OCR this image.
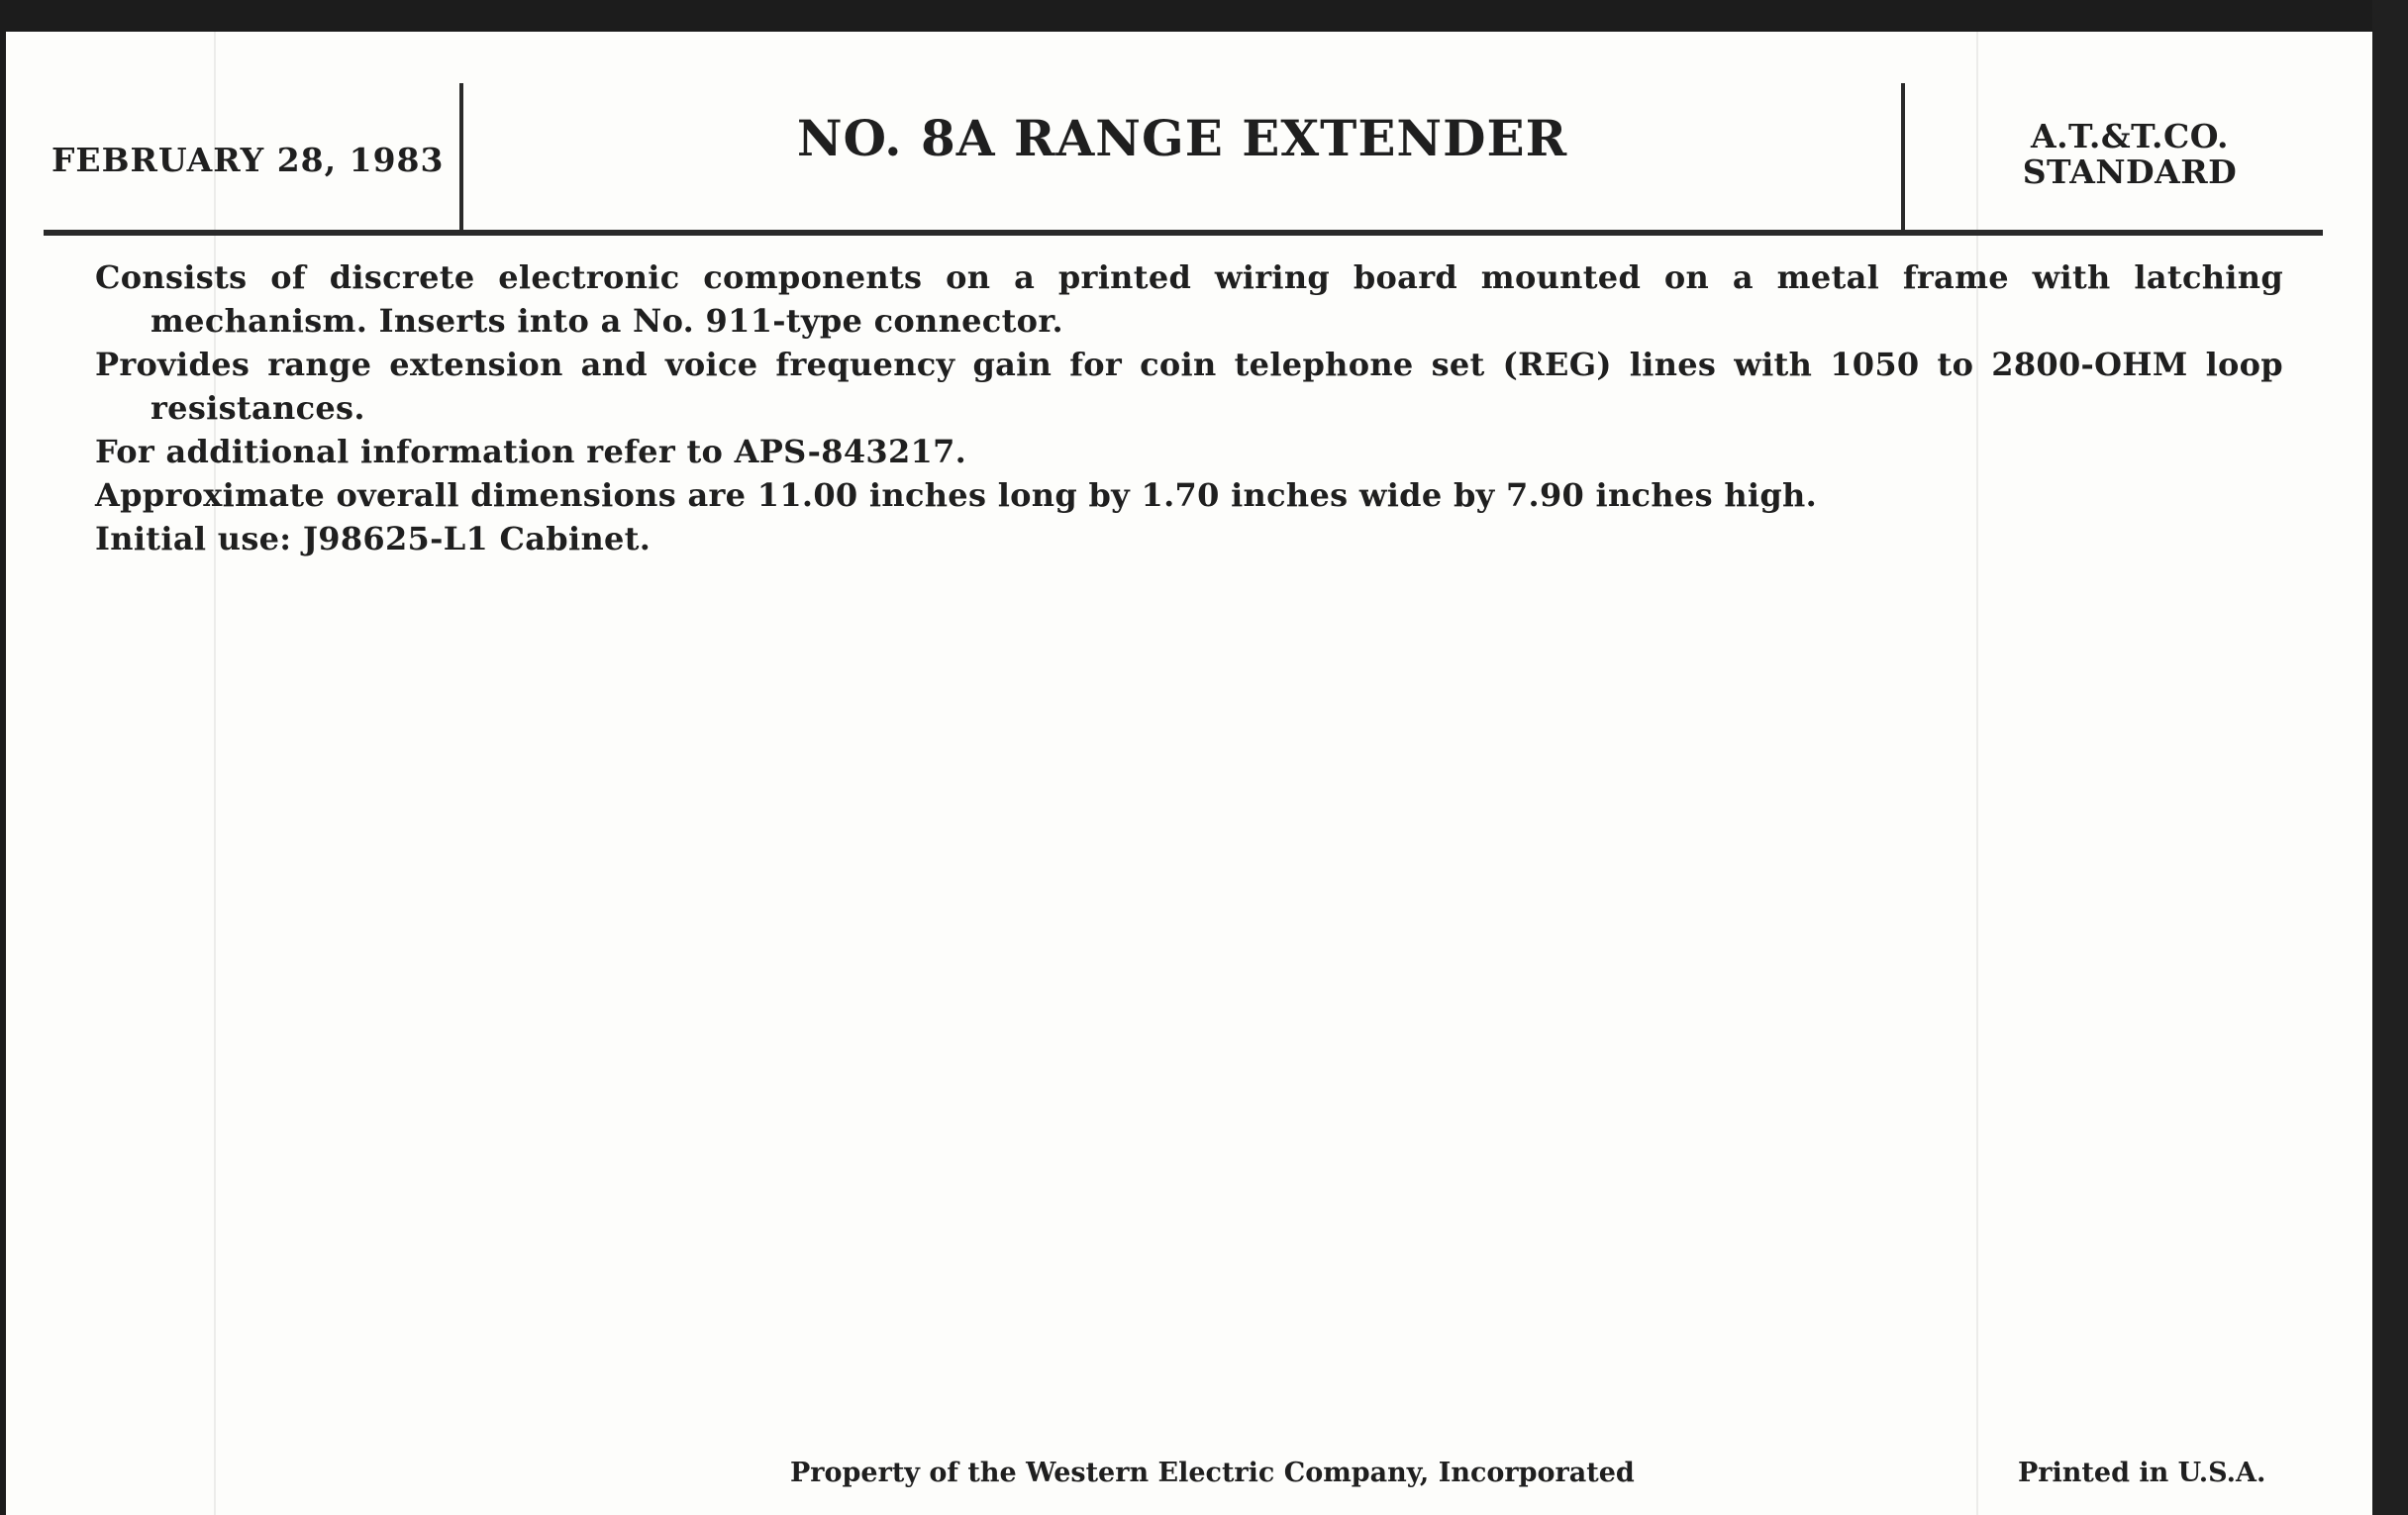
FEBRUARY 28, 1983	NO. 8A RANGE EXTENDER	A.T.&T.CO.
STANDARD

Consists of discrete electronic components on a printed wiring board mounted on a metal frame with latching mechanism. Inserts into a No. 911-type connector.

Provides range extension and voice frequency gain for coin telephone set (REG) lines with 1050 to 2800-OHM loop resistances.

For additional information refer to APS-843217.

Approximate overall dimensions are 11.00 inches long by 1.70 inches wide by 7.90 inches high.

Initial use: J98625-L1 Cabinet.

Property of the Western Electric Company, Incorporated	Printed in U.S.A.
